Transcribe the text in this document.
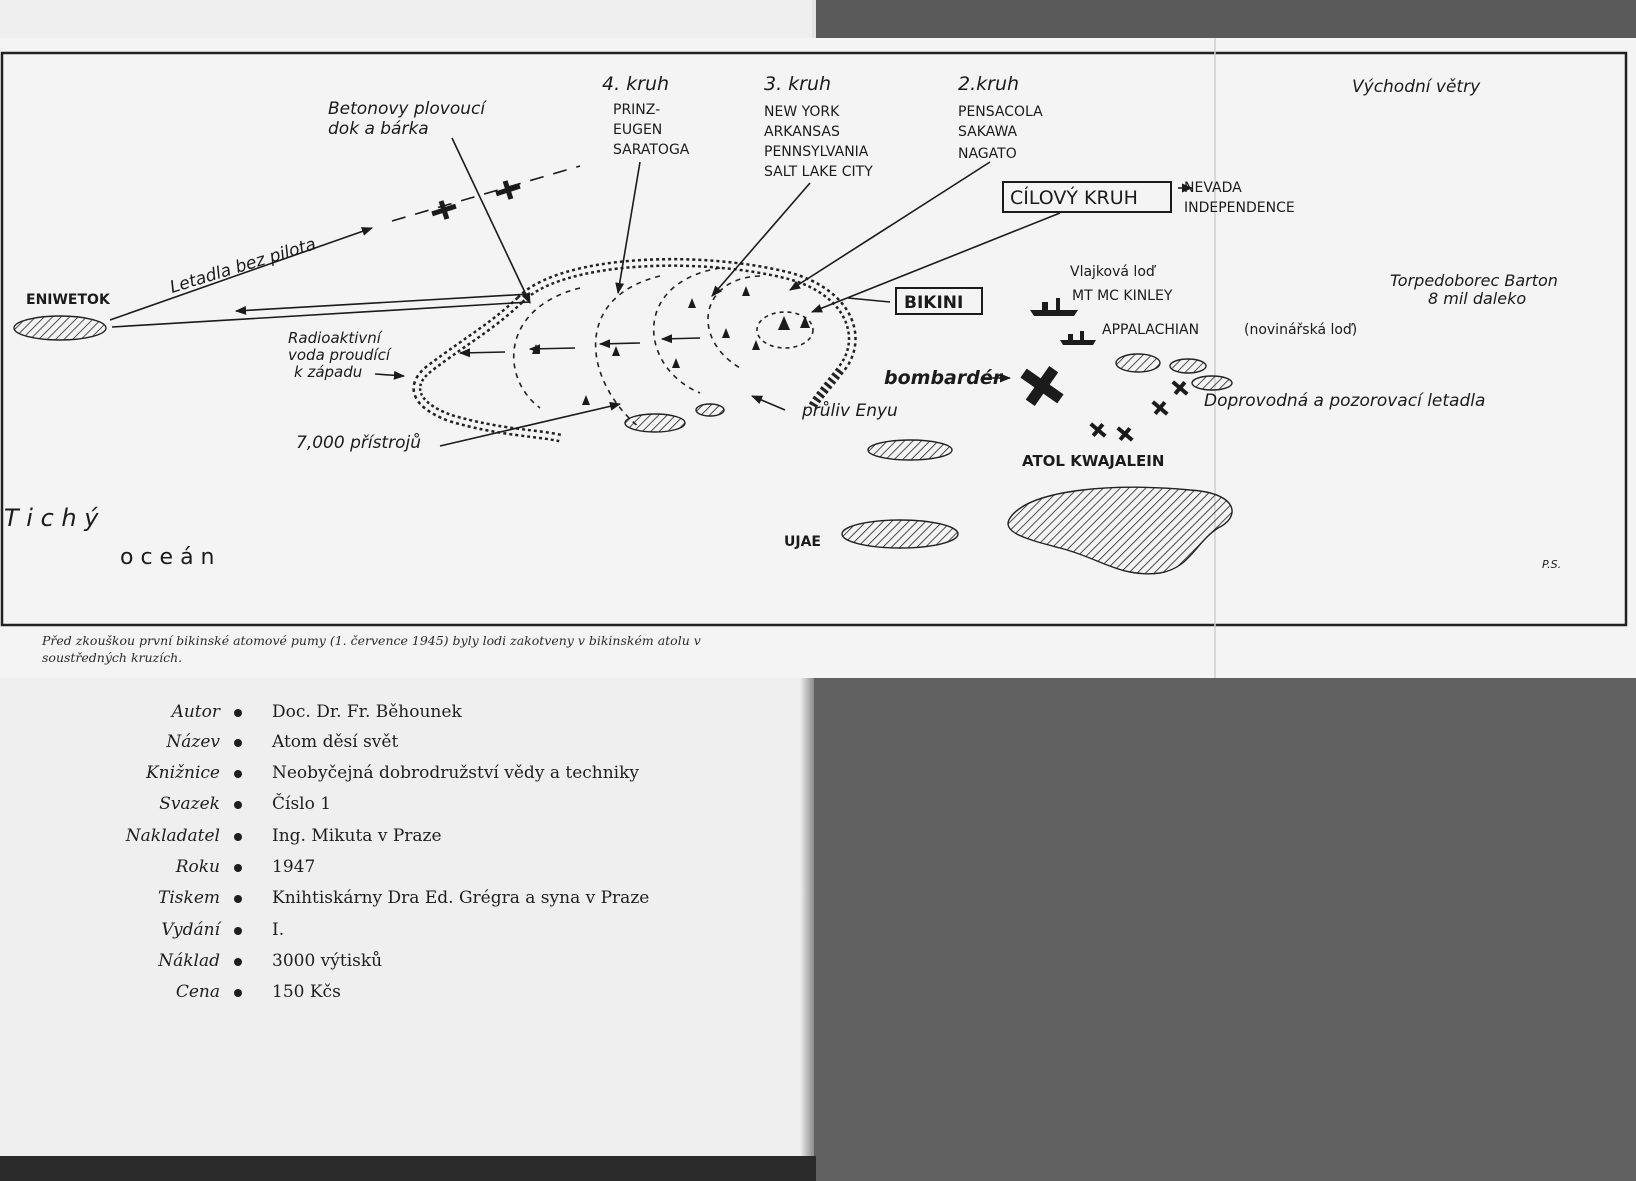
4. kruh
PRINZ-
EUGEN
SARATOGA
3. kruh
NEW YORK
ARKANSAS
PENNSYLVANIA
SALT LAKE CITY
2.kruh
PENSACOLA
SAKAWA
NAGATO
Betonovy plovoucí
dok a bárka
Východní větry
CÍLOVÝ KRUH	NEVADA
INDEPENDENCE
ENIWETOK
Letadla bez pilota
BIKINI
Vlajková loď
MT MC KINLEY
APPALACHIAN	(novinářská loď)
Torpedoborec Barton
8 mil daleko
Radioaktivní
voda proudící
k západu	bombardér
Doprovodná a pozorovací letadla
průliv Enyu
7,000 přístrojů
ATOL KWAJALEIN
UJAE
T i c h ý
o c e á n	P.S.

Před zkouškou první bikinské atomové pumy (1. července 1945) byly lodi zakotveny v bikinském atolu v soustředných kruzích.

Autor	Doc. Dr. Fr. Běhounek
Název	Atom děsí svět
Knižnice	Neobyčejná dobrodružství vědy a techniky
Svazek	Číslo 1
Nakladatel	Ing. Mikuta v Praze
Roku	1947
Tiskem	Knihtiskárny Dra Ed. Grégra a syna v Praze
Vydání	I.
Náklad	3000 výtisků
Cena	150 Kčs
